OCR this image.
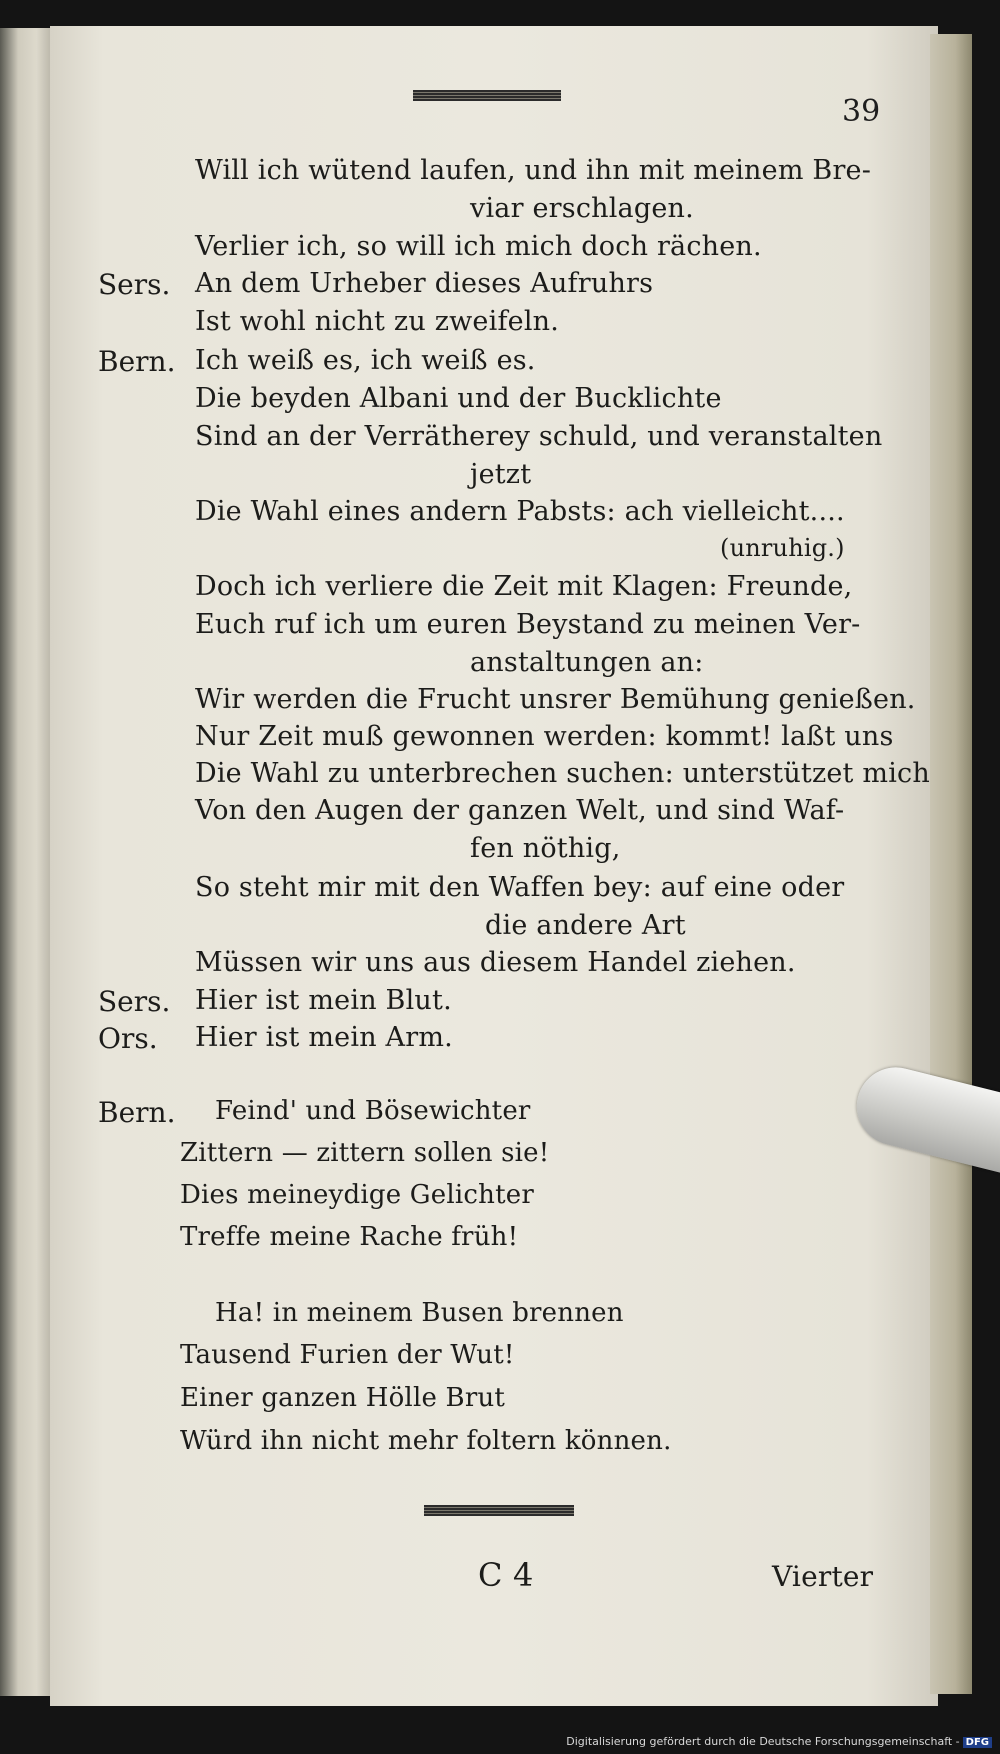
39
Will ich wütend laufen, und ihn mit meinem Bre-
viar erschlagen.
Verlier ich, so will ich mich doch rächen.
Sers. An dem Urheber dieses Aufruhrs
Ist wohl nicht zu zweifeln.
Bern. Ich weiß es, ich weiß es.
Die beyden Albani und der Bucklichte
Sind an der Verrätherey schuld, und veranstalten
jetzt
Die Wahl eines andern Pabsts: ach vielleicht....
(unruhig.)
Doch ich verliere die Zeit mit Klagen: Freunde,
Euch ruf ich um euren Beystand zu meinen Ver-
anstaltungen an:
Wir werden die Frucht unsrer Bemühung genießen.
Nur Zeit muß gewonnen werden: kommt! laßt uns
Die Wahl zu unterbrechen suchen: unterstützet mich
Von den Augen der ganzen Welt, und sind Waf-
fen nöthig,
So steht mir mit den Waffen bey: auf eine oder
die andere Art
Müssen wir uns aus diesem Handel ziehen.
Sers. Hier ist mein Blut.
Ors. Hier ist mein Arm.
Bern. Feind' und Bösewichter
Zittern — zittern sollen sie!
Dies meineydige Gelichter
Treffe meine Rache früh!
Ha! in meinem Busen brennen
Tausend Furien der Wut!
Einer ganzen Hölle Brut
Würd ihn nicht mehr foltern können.
C 4	Vierter
Digitalisierung gefördert durch die Deutsche Forschungsgemeinschaft - DFG
